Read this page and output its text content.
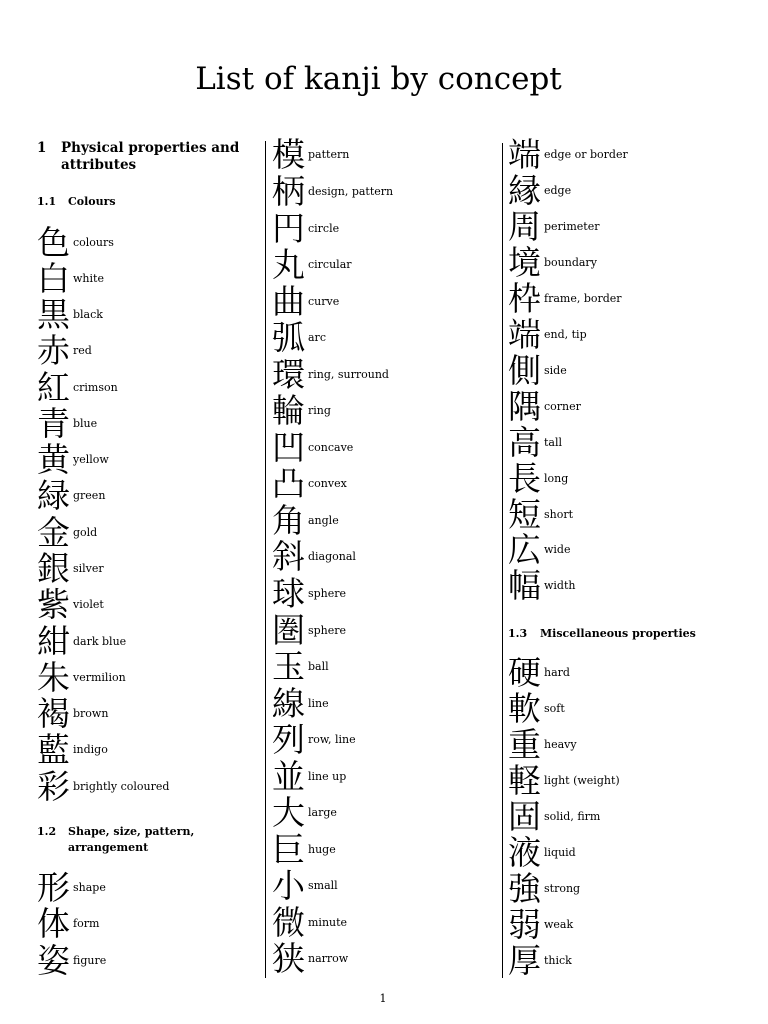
List of kanji by concept
1	Physical properties and attributes
1.1	Colours
色 colours
白 white
黒 black
赤 red
紅 crimson
青 blue
黄 yellow
緑 green
金 gold
銀 silver
紫 violet
紺 dark blue
朱 vermilion
褐 brown
藍 indigo
彩 brightly coloured
1.2	Shape, size, pattern, arrangement
形 shape
体 form
姿 figure
模 pattern
柄 design, pattern
円 circle
丸 circular
曲 curve
弧 arc
環 ring, surround
輪 ring
凹 concave
凸 convex
角 angle
斜 diagonal
球 sphere
圏 sphere
玉 ball
線 line
列 row, line
並 line up
大 large
巨 huge
小 small
微 minute
狭 narrow
端 edge or border
縁 edge
周 perimeter
境 boundary
枠 frame, border
端 end, tip
側 side
隅 corner
高 tall
長 long
短 short
広 wide
幅 width
1.3	Miscellaneous properties
硬 hard
軟 soft
重 heavy
軽 light (weight)
固 solid, firm
液 liquid
強 strong
弱 weak
厚 thick
1
